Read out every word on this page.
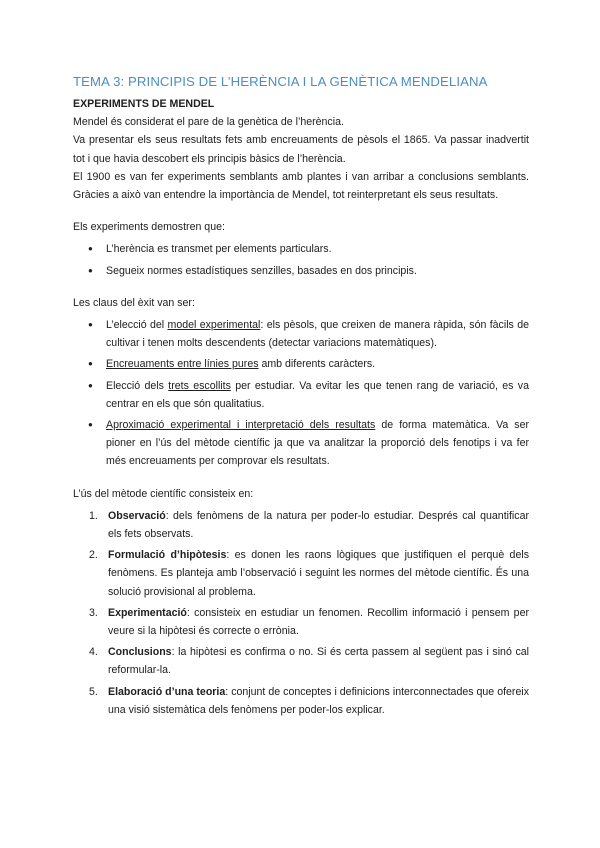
TEMA 3: PRINCIPIS DE L’HERÈNCIA I LA GENÈTICA MENDELIANA

EXPERIMENTS DE MENDEL

Mendel és considerat el pare de la genètica de l’herència.

Va presentar els seus resultats fets amb encreuaments de pèsols el 1865. Va passar inadvertit tot i que havia descobert els principis bàsics de l’herència.

El 1900 es van fer experiments semblants amb plantes i van arribar a conclusions semblants. Gràcies a això van entendre la importància de Mendel, tot reinterpretant els seus resultats.

Els experiments demostren que:

● L’herència es transmet per elements particulars.
● Segueix normes estadístiques senzilles, basades en dos principis.

Les claus del èxit van ser:

● L’elecció del model experimental: els pèsols, que creixen de manera ràpida, són fàcils de cultivar i tenen molts descendents (detectar variacions matemàtiques).
● Encreuaments entre línies pures amb diferents caràcters.
● Elecció dels trets escollits per estudiar. Va evitar les que tenen rang de variació, es va centrar en els que són qualitatius.
● Aproximació experimental i interpretació dels resultats de forma matemàtica. Va ser pioner en l’ús del mètode científic ja que va analitzar la proporció dels fenotips i va fer més encreuaments per comprovar els resultats.

L’ús del mètode científic consisteix en:

1. Observació: dels fenòmens de la natura per poder-lo estudiar. Després cal quantificar els fets observats.
2. Formulació d’hipòtesis: es donen les raons lògiques que justifiquen el perquè dels fenòmens. Es planteja amb l’observació i seguint les normes del mètode científic. És una solució provisional al problema.
3. Experimentació: consisteix en estudiar un fenomen. Recollim informació i pensem per veure si la hipòtesi és correcte o errònia.
4. Conclusions: la hipòtesi es confirma o no. Si és certa passem al següent pas i sinó cal reformular-la.
5. Elaboració d’una teoria: conjunt de conceptes i definicions interconnectades que ofereix una visió sistemàtica dels fenòmens per poder-los explicar.
